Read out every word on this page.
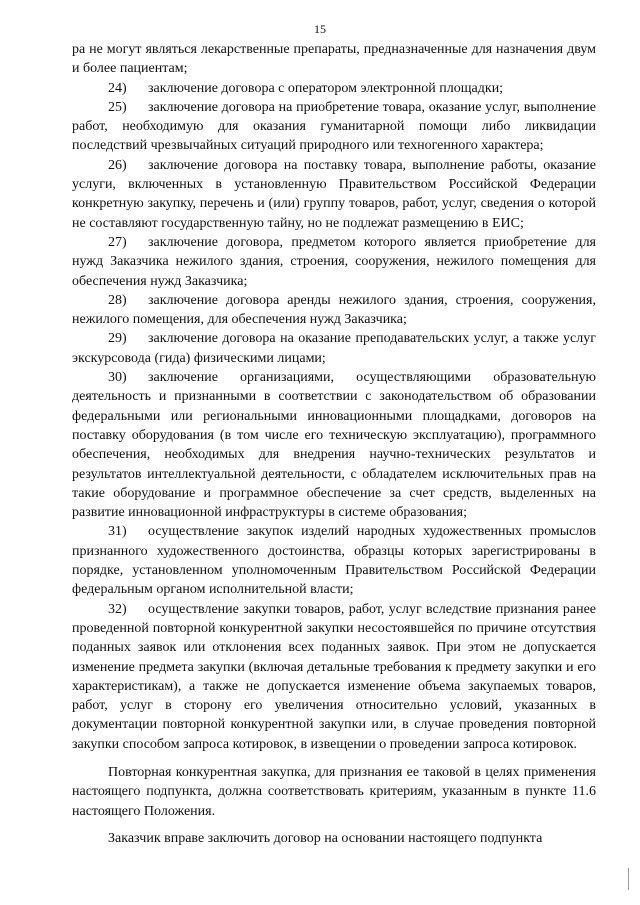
15

ра не могут являться лекарственные препараты, предназначенные для назначения двум и более пациентам;

24) заключение договора с оператором электронной площадки;

25) заключение договора на приобретение товара, оказание услуг, выполнение работ, необходимую для оказания гуманитарной помощи либо ликвидации последствий чрезвычайных ситуаций природного или техногенного характера;

26) заключение договора на поставку товара, выполнение работы, оказание услуги, включенных в установленную Правительством Российской Федерации конкретную закупку, перечень и (или) группу товаров, работ, услуг, сведения о которой не составляют государственную тайну, но не подлежат размещению в ЕИС;

27) заключение договора, предметом которого является приобретение для нужд Заказчика нежилого здания, строения, сооружения, нежилого помещения для обеспечения нужд Заказчика;

28) заключение договора аренды нежилого здания, строения, сооружения, нежилого помещения, для обеспечения нужд Заказчика;

29) заключение договора на оказание преподавательских услуг, а также услуг экскурсовода (гида) физическими лицами;

30) заключение организациями, осуществляющими образовательную деятельность и признанными в соответствии с законодательством об образовании федеральными или региональными инновационными площадками, договоров на поставку оборудования (в том числе его техническую эксплуатацию), программного обеспечения, необходимых для внедрения научно-технических результатов и результатов интеллектуальной деятельности, с обладателем исключительных прав на такие оборудование и программное обеспечение за счет средств, выделенных на развитие инновационной инфраструктуры в системе образования;

31) осуществление закупок изделий народных художественных промыслов признанного художественного достоинства, образцы которых зарегистрированы в порядке, установленном уполномоченным Правительством Российской Федерации федеральным органом исполнительной власти;

32) осуществление закупки товаров, работ, услуг вследствие признания ранее проведенной повторной конкурентной закупки несостоявшейся по причине отсутствия поданных заявок или отклонения всех поданных заявок. При этом не допускается изменение предмета закупки (включая детальные требования к предмету закупки и его характеристикам), а также не допускается изменение объема закупаемых товаров, работ, услуг в сторону его увеличения относительно условий, указанных в документации повторной конкурентной закупки или, в случае проведения повторной закупки способом запроса котировок, в извещении о проведении запроса котировок.

Повторная конкурентная закупка, для признания ее таковой в целях применения настоящего подпункта, должна соответствовать критериям, указанным в пункте 11.6 настоящего Положения.

Заказчик вправе заключить договор на основании настоящего подпункта
